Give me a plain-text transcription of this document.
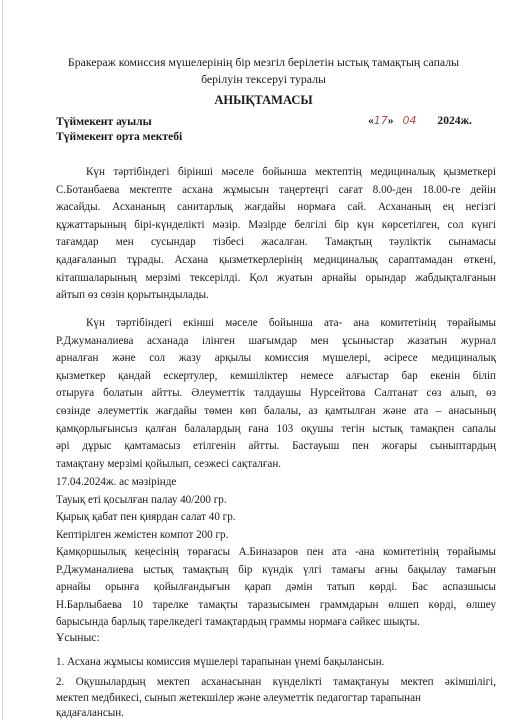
Бракераж комиссия мүшелерінің бір мезгіл берілетін ыстық тамақтың сапалы
берілуін тексеруі туралы
АНЫҚТАМАСЫ
Түймекент ауылы
Түймекент орта мектебі
«17» 04 2024ж.
Күн тәртібіндегі бірінші мәселе бойынша мектептің медициналық қызметкері
С.Ботанбаева мектепте асхана жұмысын таңертеңгі сағат 8.00-ден 18.00-ге дейін
жасайды. Асхананың санитарлық жағдайы нормаға сай. Асхананың ең негізгі
құжаттарының бірі-күнделікті мәзір. Мәзірде белгілі бір күн көрсетілген, сол күнгі
тағамдар мен сусындар тізбесі жасалған. Тамақтың тәуліктік сынамасы
қадағаланып тұрады. Асхана қызметкерлерінің медициналық сараптамадан өткені,
кітапшаларының мерзімі тексерілді. Қол жуатын арнайы орындар жабдықталғанын
айтып өз сөзін қорытындылады.
Күн тәртібіндегі екінші мәселе бойынша ата- ана комитетінің төрайымы
Р.Джуманалиева асханада ілінген шағымдар мен ұсыныстар жазатын журнал
арналған және сол жазу арқылы комиссия мүшелері, әсіресе медициналық
қызметкер қандай ескертулер, кемшіліктер немесе алғыстар бар екенін біліп
отыруға болатын айтты. Әлеуметтік талдаушы Нурсейтова Салтанат сөз алып, өз
сөзінде әлеуметтік жағдайы төмен көп балалы, аз қамтылған және ата – анасының
қамқорлығынсыз қалған балалардың ғана 103 оқушы тегін ыстық тамақпен сапалы
әрі дұрыс қамтамасыз етілгенін айтты. Бастауыш пен жоғары сыныптардың
тамақтану мерзімі қойылып, сеэжесі сақталған.
17.04.2024ж. ас мәзірінде
Тауық еті қосылған палау 40/200 гр.
Қырық қабат пен қиярдан салат 40 гр.
Кептірілген жемістен компот 200 гр.
Қамқоршылық кеңесінің төрағасы А.Биназаров пен ата -ана комитетінің төрайымы
Р.Джуманалиева ыстық тамақтың бір күндік үлгі тамағы ағны бақылау тамағын
арнайы орынға қойылғандығын қарап дәмін татып көрді. Бас аспазшысы
Н.Барлыбаева 10 тарелке тамақты таразысымен граммдарын өлшеп көрді, өлшеу
барысында барлық тарелкедегі тамақтардың граммы нормаға сәйкес шықты.
Ұсыныс:
1. Асхана жұмысы комиссия мүшелері тарапынан үнемі бақылансын.
2. Оқушылардың мектеп асханасынан күнделікті тамақтануы мектеп әкімшілігі,
мектеп медбикесі, сынып жетекшілер және әлеуметтік педагогтар тарапынан
қадағалансын.
